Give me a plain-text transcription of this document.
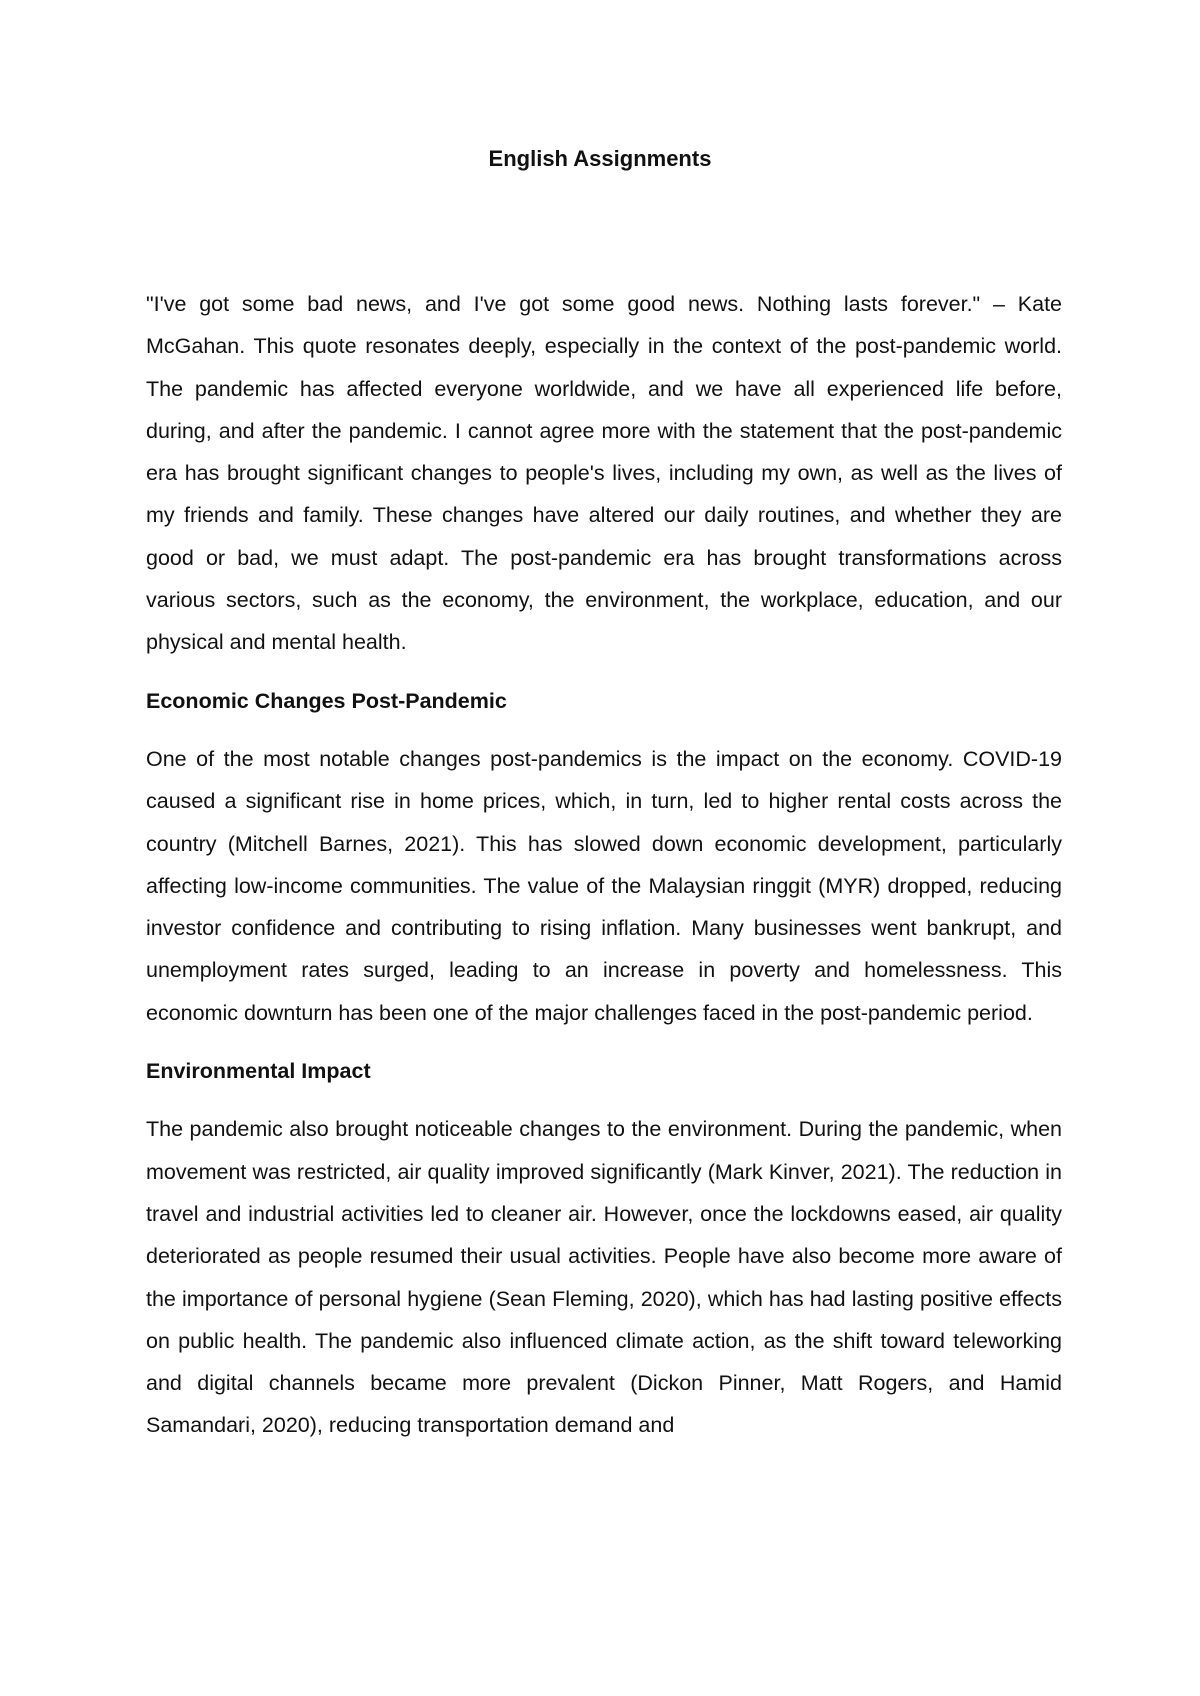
English Assignments

"I've got some bad news, and I've got some good news. Nothing lasts forever." – Kate McGahan. This quote resonates deeply, especially in the context of the post-pandemic world. The pandemic has affected everyone worldwide, and we have all experienced life before, during, and after the pandemic. I cannot agree more with the statement that the post-pandemic era has brought significant changes to people's lives, including my own, as well as the lives of my friends and family. These changes have altered our daily routines, and whether they are good or bad, we must adapt. The post-pandemic era has brought transformations across various sectors, such as the economy, the environment, the workplace, education, and our physical and mental health.

Economic Changes Post-Pandemic

One of the most notable changes post-pandemics is the impact on the economy. COVID-19 caused a significant rise in home prices, which, in turn, led to higher rental costs across the country (Mitchell Barnes, 2021). This has slowed down economic development, particularly affecting low-income communities. The value of the Malaysian ringgit (MYR) dropped, reducing investor confidence and contributing to rising inflation. Many businesses went bankrupt, and unemployment rates surged, leading to an increase in poverty and homelessness. This economic downturn has been one of the major challenges faced in the post-pandemic period.

Environmental Impact

The pandemic also brought noticeable changes to the environment. During the pandemic, when movement was restricted, air quality improved significantly (Mark Kinver, 2021). The reduction in travel and industrial activities led to cleaner air. However, once the lockdowns eased, air quality deteriorated as people resumed their usual activities. People have also become more aware of the importance of personal hygiene (Sean Fleming, 2020), which has had lasting positive effects on public health. The pandemic also influenced climate action, as the shift toward teleworking and digital channels became more prevalent (Dickon Pinner, Matt Rogers, and Hamid Samandari, 2020), reducing transportation demand and
